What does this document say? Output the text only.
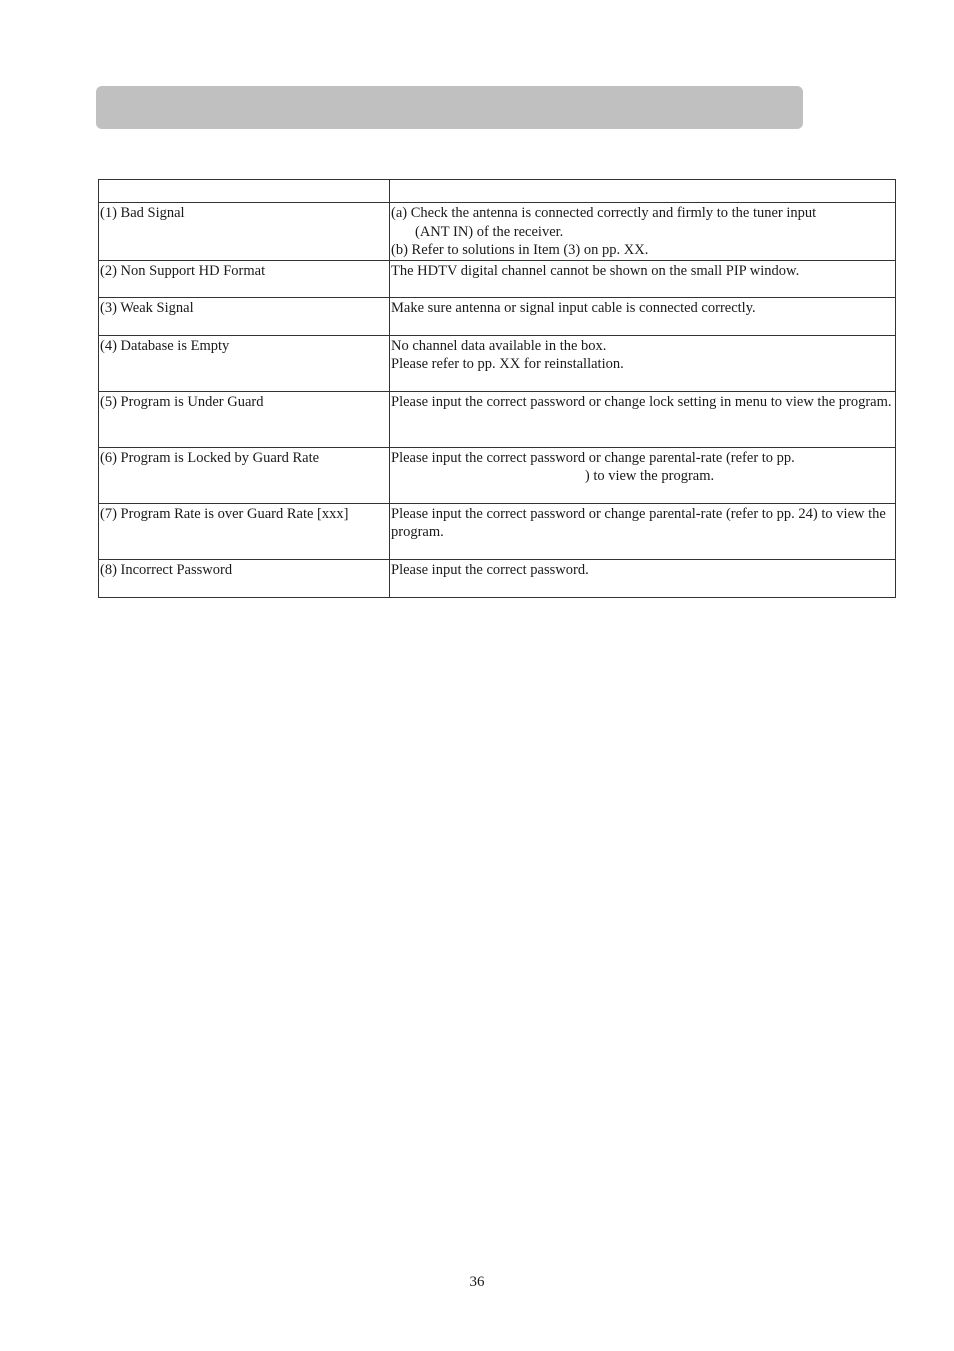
(1) Bad Signal	(a) Check the antenna is connected correctly and firmly to the tuner input
(ANT IN) of the receiver.
(b) Refer to solutions in Item (3) on pp. XX.

(2) Non Support HD Format	The HDTV digital channel cannot be shown on the small PIP window.

(3) Weak Signal	Make sure antenna or signal input cable is connected correctly.

(4) Database is Empty	No channel data available in the box.
Please refer to pp. XX for reinstallation.

(5) Program is Under Guard	Please input the correct password or change lock setting in menu to view the program.

(6) Program is Locked by Guard Rate	Please input the correct password or change parental-rate (refer to pp.
) to view the program.

(7) Program Rate is over Guard Rate [xxx]	Please input the correct password or change parental-rate (refer to pp. 24) to view the program.

(8) Incorrect Password	Please input the correct password.
36
